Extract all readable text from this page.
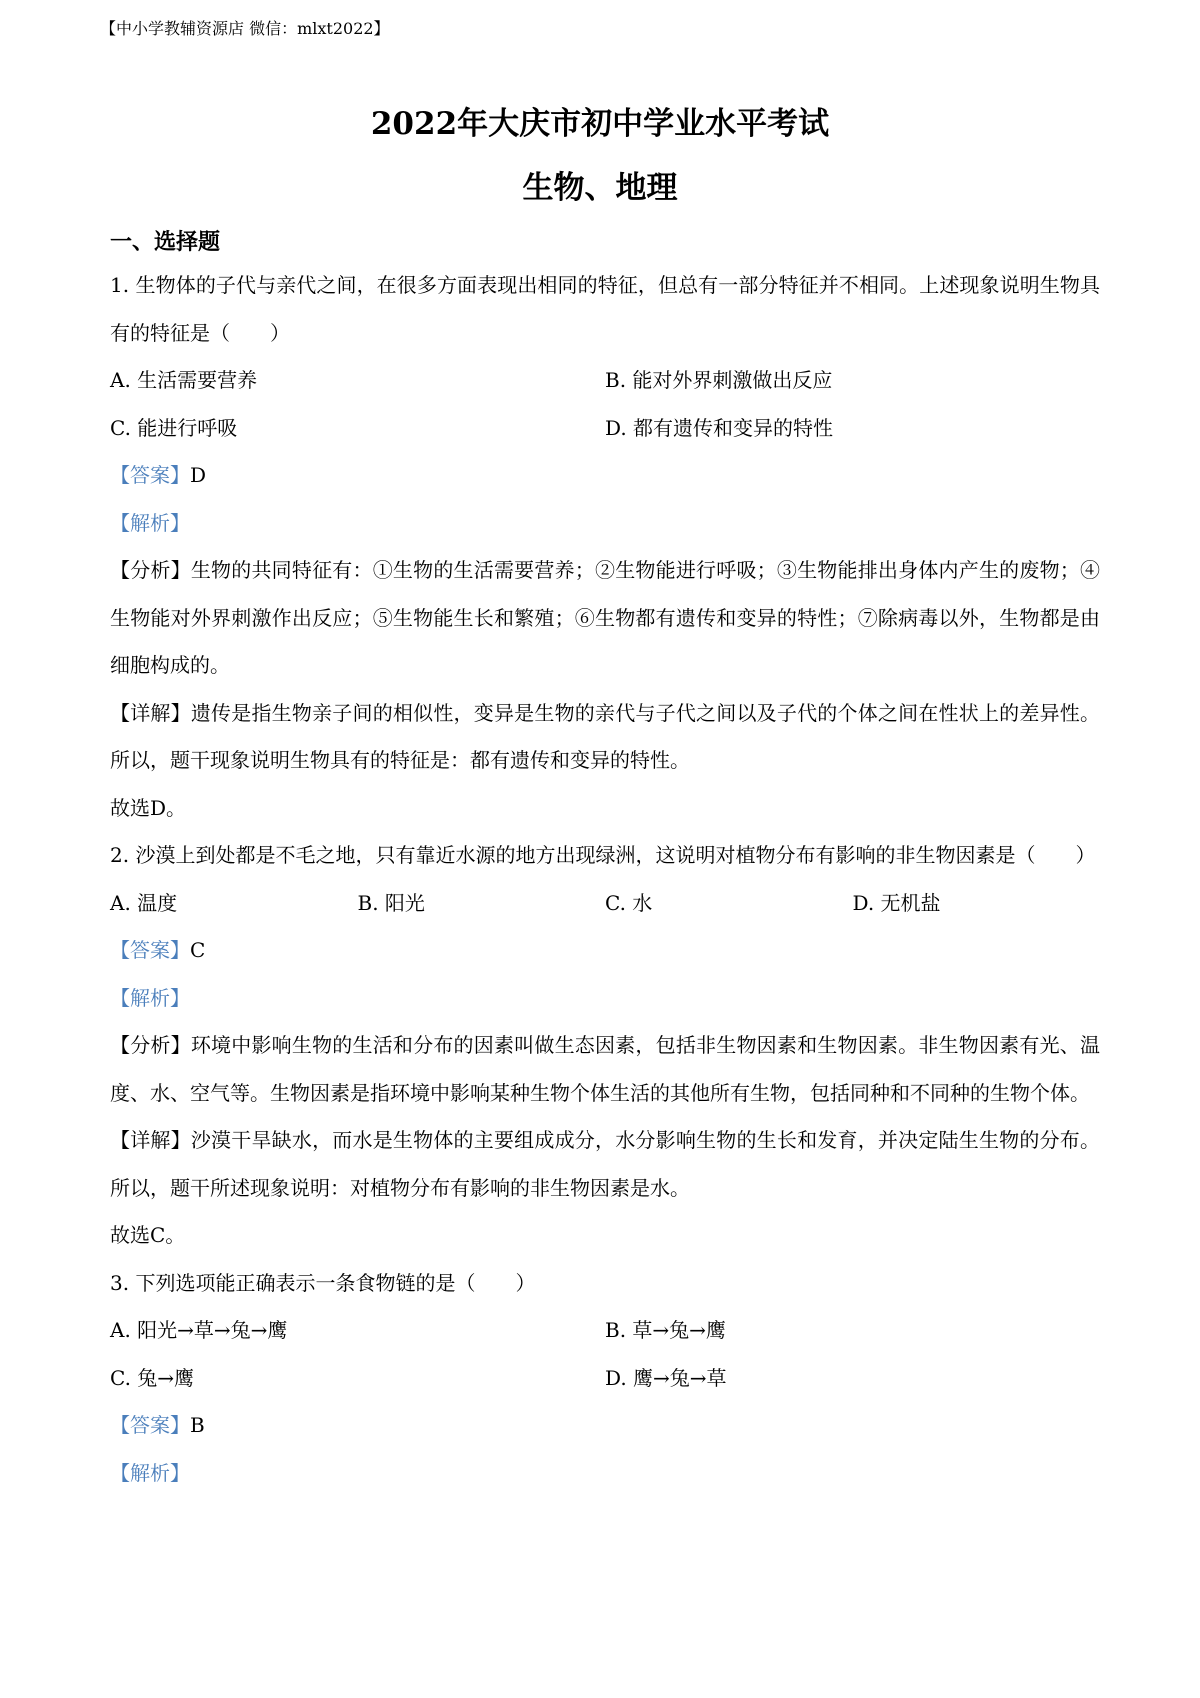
【中小学教辅资源店 微信：mlxt2022】
2022年大庆市初中学业水平考试
生物、地理
一、选择题
1. 生物体的子代与亲代之间，在很多方面表现出相同的特征，但总有一部分特征并不相同。上述现象说明生物具有的特征是（　　）
A. 生活需要营养	B. 能对外界刺激做出反应
C. 能进行呼吸	D. 都有遗传和变异的特性
【答案】D
【解析】
【分析】生物的共同特征有：①生物的生活需要营养；②生物能进行呼吸；③生物能排出身体内产生的废物；④生物能对外界刺激作出反应；⑤生物能生长和繁殖；⑥生物都有遗传和变异的特性；⑦除病毒以外，生物都是由细胞构成的。
【详解】遗传是指生物亲子间的相似性，变异是生物的亲代与子代之间以及子代的个体之间在性状上的差异性。所以，题干现象说明生物具有的特征是：都有遗传和变异的特性。
故选D。
2. 沙漠上到处都是不毛之地，只有靠近水源的地方出现绿洲，这说明对植物分布有影响的非生物因素是（　　）
A. 温度	B. 阳光	C. 水	D. 无机盐
【答案】C
【解析】
【分析】环境中影响生物的生活和分布的因素叫做生态因素，包括非生物因素和生物因素。非生物因素有光、温度、水、空气等。生物因素是指环境中影响某种生物个体生活的其他所有生物，包括同种和不同种的生物个体。
【详解】沙漠干旱缺水，而水是生物体的主要组成成分，水分影响生物的生长和发育，并决定陆生生物的分布。所以，题干所述现象说明：对植物分布有影响的非生物因素是水。
故选C。
3. 下列选项能正确表示一条食物链的是（　　）
A. 阳光→草→兔→鹰	B. 草→兔→鹰
C. 兔→鹰	D. 鹰→兔→草
【答案】B
【解析】
